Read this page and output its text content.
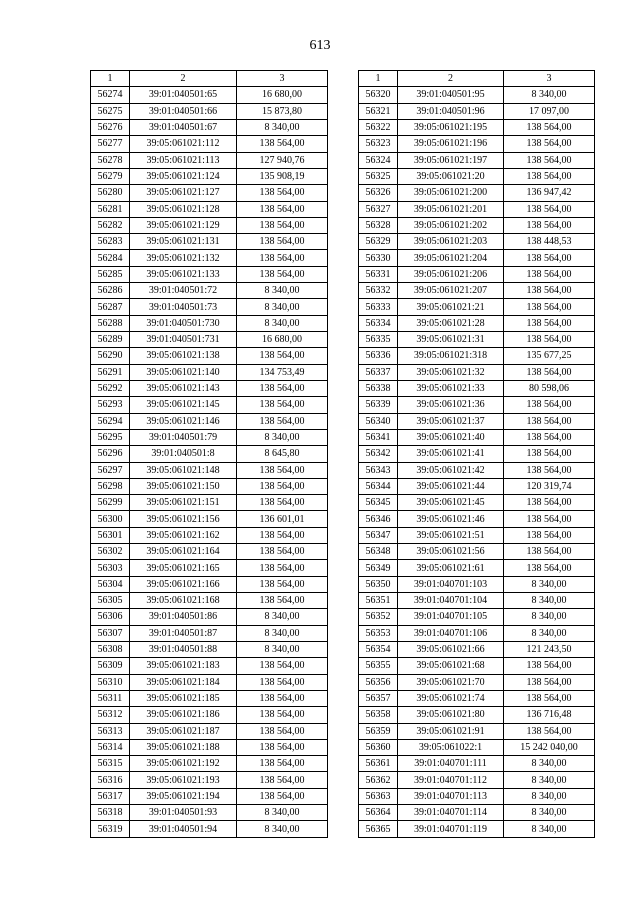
613
1	2	3
56274	39:01:040501:65	16 680,00
56275	39:01:040501:66	15 873,80
56276	39:01:040501:67	8 340,00
56277	39:05:061021:112	138 564,00
56278	39:05:061021:113	127 940,76
56279	39:05:061021:124	135 908,19
56280	39:05:061021:127	138 564,00
56281	39:05:061021:128	138 564,00
56282	39:05:061021:129	138 564,00
56283	39:05:061021:131	138 564,00
56284	39:05:061021:132	138 564,00
56285	39:05:061021:133	138 564,00
56286	39:01:040501:72	8 340,00
56287	39:01:040501:73	8 340,00
56288	39:01:040501:730	8 340,00
56289	39:01:040501:731	16 680,00
56290	39:05:061021:138	138 564,00
56291	39:05:061021:140	134 753,49
56292	39:05:061021:143	138 564,00
56293	39:05:061021:145	138 564,00
56294	39:05:061021:146	138 564,00
56295	39:01:040501:79	8 340,00
56296	39:01:040501:8	8 645,80
56297	39:05:061021:148	138 564,00
56298	39:05:061021:150	138 564,00
56299	39:05:061021:151	138 564,00
56300	39:05:061021:156	136 601,01
56301	39:05:061021:162	138 564,00
56302	39:05:061021:164	138 564,00
56303	39:05:061021:165	138 564,00
56304	39:05:061021:166	138 564,00
56305	39:05:061021:168	138 564,00
56306	39:01:040501:86	8 340,00
56307	39:01:040501:87	8 340,00
56308	39:01:040501:88	8 340,00
56309	39:05:061021:183	138 564,00
56310	39:05:061021:184	138 564,00
56311	39:05:061021:185	138 564,00
56312	39:05:061021:186	138 564,00
56313	39:05:061021:187	138 564,00
56314	39:05:061021:188	138 564,00
56315	39:05:061021:192	138 564,00
56316	39:05:061021:193	138 564,00
56317	39:05:061021:194	138 564,00
56318	39:01:040501:93	8 340,00
56319	39:01:040501:94	8 340,00
1	2	3
56320	39:01:040501:95	8 340,00
56321	39:01:040501:96	17 097,00
56322	39:05:061021:195	138 564,00
56323	39:05:061021:196	138 564,00
56324	39:05:061021:197	138 564,00
56325	39:05:061021:20	138 564,00
56326	39:05:061021:200	136 947,42
56327	39:05:061021:201	138 564,00
56328	39:05:061021:202	138 564,00
56329	39:05:061021:203	138 448,53
56330	39:05:061021:204	138 564,00
56331	39:05:061021:206	138 564,00
56332	39:05:061021:207	138 564,00
56333	39:05:061021:21	138 564,00
56334	39:05:061021:28	138 564,00
56335	39:05:061021:31	138 564,00
56336	39:05:061021:318	135 677,25
56337	39:05:061021:32	138 564,00
56338	39:05:061021:33	80 598,06
56339	39:05:061021:36	138 564,00
56340	39:05:061021:37	138 564,00
56341	39:05:061021:40	138 564,00
56342	39:05:061021:41	138 564,00
56343	39:05:061021:42	138 564,00
56344	39:05:061021:44	120 319,74
56345	39:05:061021:45	138 564,00
56346	39:05:061021:46	138 564,00
56347	39:05:061021:51	138 564,00
56348	39:05:061021:56	138 564,00
56349	39:05:061021:61	138 564,00
56350	39:01:040701:103	8 340,00
56351	39:01:040701:104	8 340,00
56352	39:01:040701:105	8 340,00
56353	39:01:040701:106	8 340,00
56354	39:05:061021:66	121 243,50
56355	39:05:061021:68	138 564,00
56356	39:05:061021:70	138 564,00
56357	39:05:061021:74	138 564,00
56358	39:05:061021:80	136 716,48
56359	39:05:061021:91	138 564,00
56360	39:05:061022:1	15 242 040,00
56361	39:01:040701:111	8 340,00
56362	39:01:040701:112	8 340,00
56363	39:01:040701:113	8 340,00
56364	39:01:040701:114	8 340,00
56365	39:01:040701:119	8 340,00
